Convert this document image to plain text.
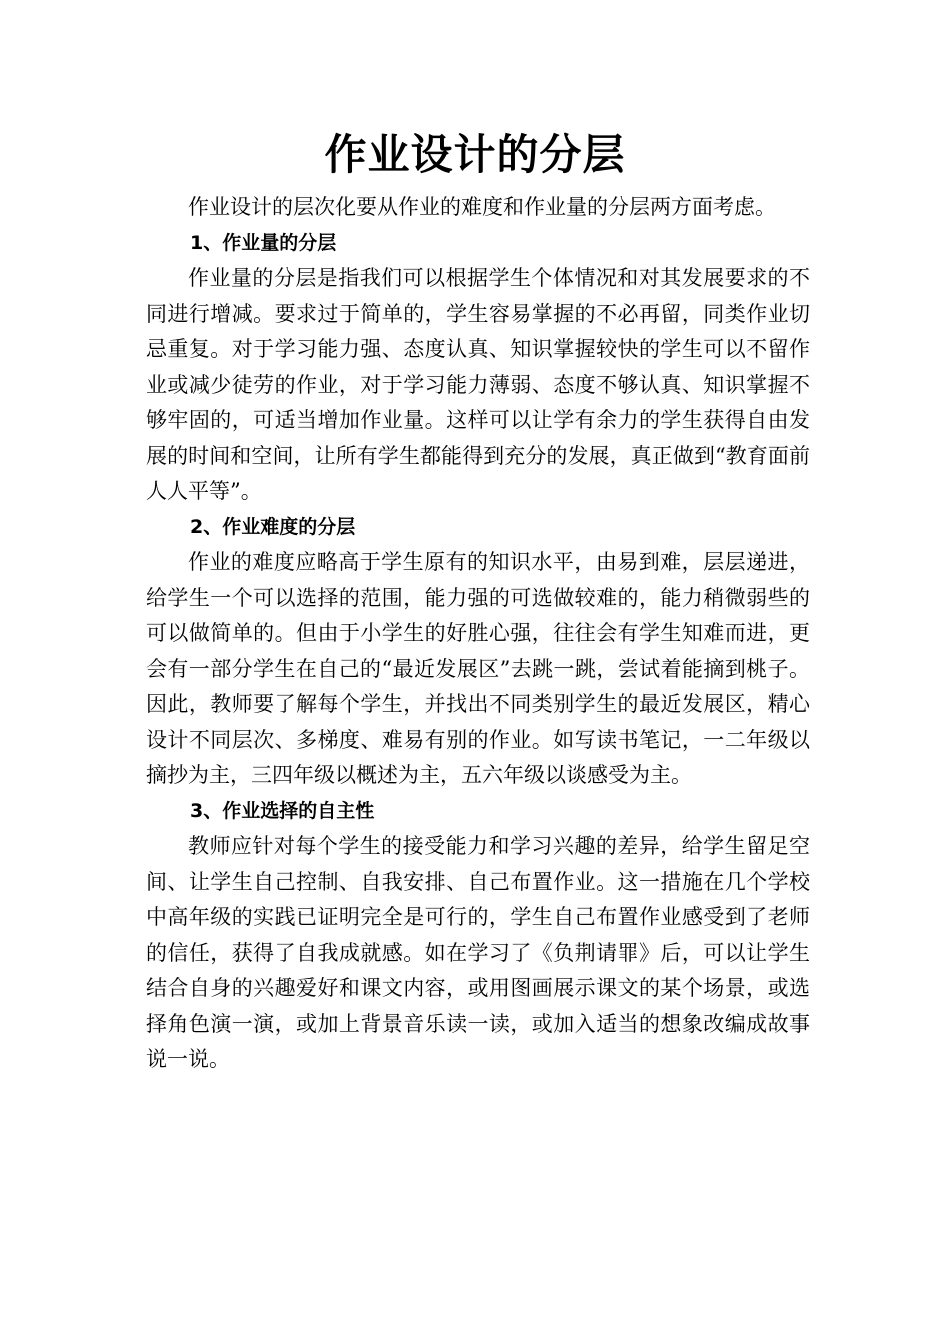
作业设计的分层

作业设计的层次化要从作业的难度和作业量的分层两方面考虑。

1、作业量的分层

作业量的分层是指我们可以根据学生个体情况和对其发展要求的不同进行增减。要求过于简单的，学生容易掌握的不必再留，同类作业切忌重复。对于学习能力强、态度认真、知识掌握较快的学生可以不留作业或减少徒劳的作业，对于学习能力薄弱、态度不够认真、知识掌握不够牢固的，可适当增加作业量。这样可以让学有余力的学生获得自由发展的时间和空间，让所有学生都能得到充分的发展，真正做到“教育面前人人平等”。

2、作业难度的分层

作业的难度应略高于学生原有的知识水平，由易到难，层层递进，给学生一个可以选择的范围，能力强的可选做较难的，能力稍微弱些的可以做简单的。但由于小学生的好胜心强，往往会有学生知难而进，更会有一部分学生在自己的“最近发展区”去跳一跳，尝试着能摘到桃子。因此，教师要了解每个学生，并找出不同类别学生的最近发展区，精心设计不同层次、多梯度、难易有别的作业。如写读书笔记，一二年级以摘抄为主，三四年级以概述为主，五六年级以谈感受为主。

3、作业选择的自主性

教师应针对每个学生的接受能力和学习兴趣的差异，给学生留足空间、让学生自己控制、自我安排、自己布置作业。这一措施在几个学校中高年级的实践已证明完全是可行的，学生自己布置作业感受到了老师的信任，获得了自我成就感。如在学习了《负荆请罪》后，可以让学生结合自身的兴趣爱好和课文内容，或用图画展示课文的某个场景，或选择角色演一演，或加上背景音乐读一读，或加入适当的想象改编成故事说一说。
